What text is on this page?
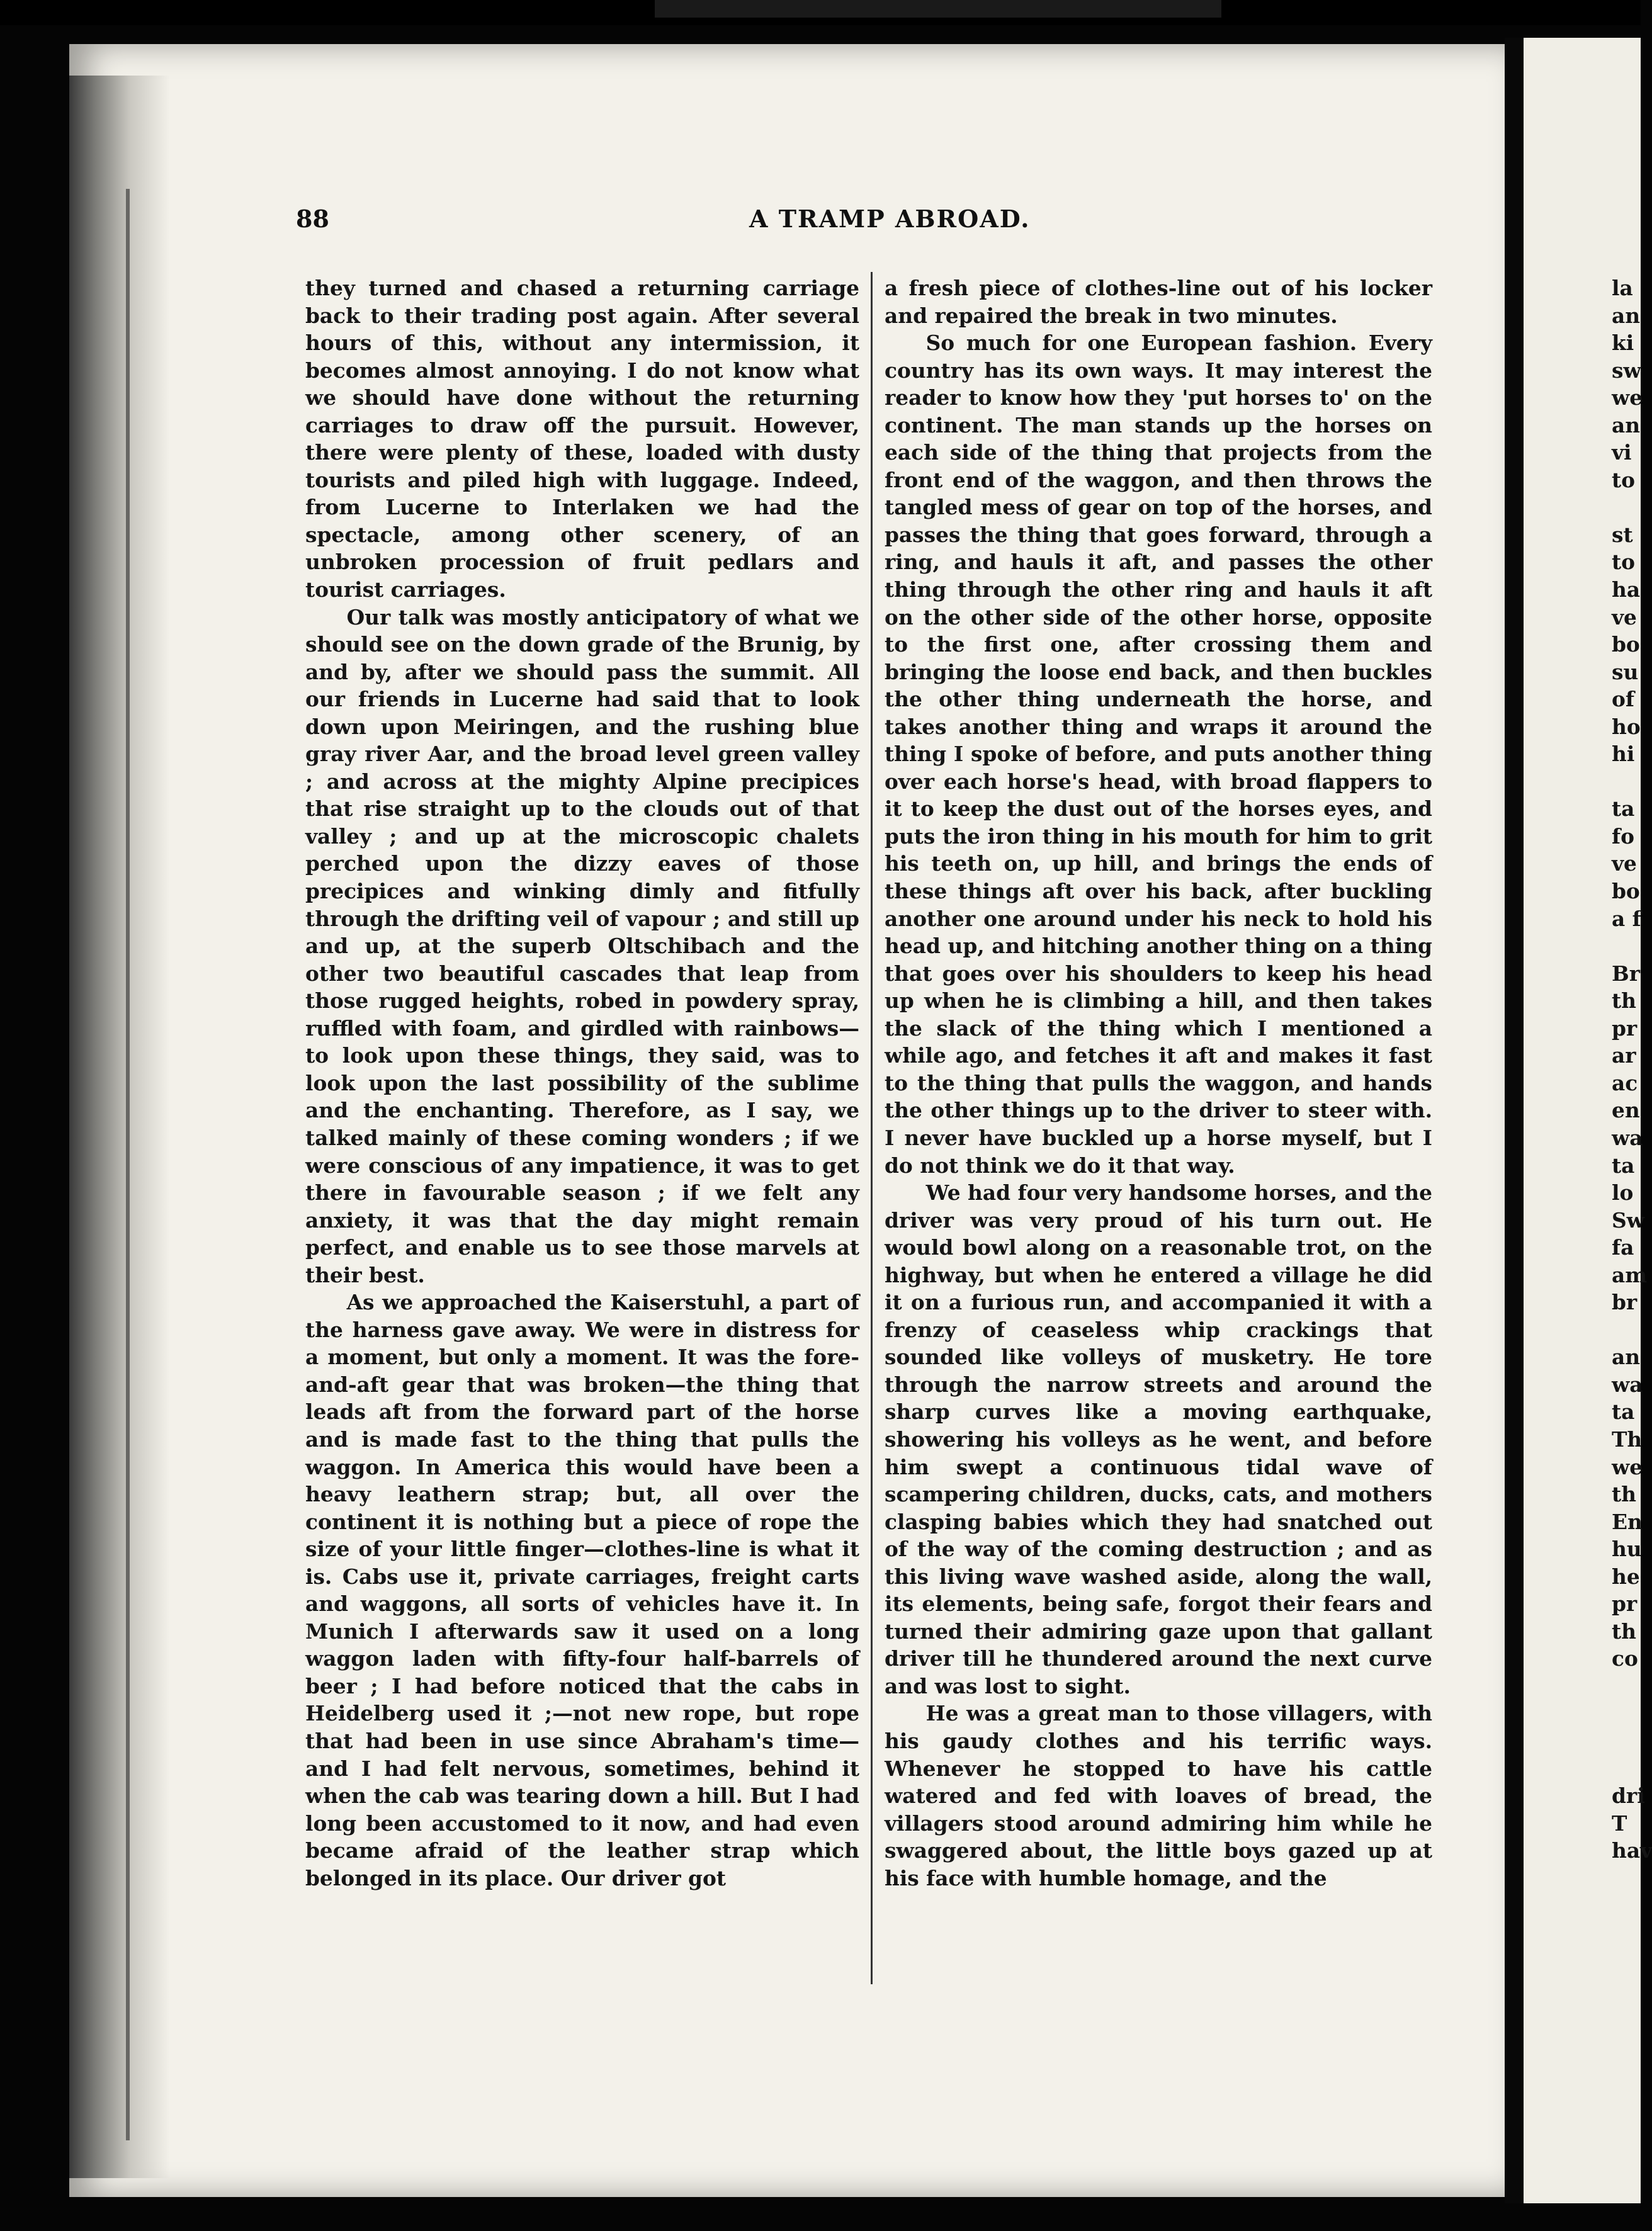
88	A TRAMP ABROAD.

they turned and chased a returning carriage back to their trading post again. After several hours of this, without any intermission, it becomes almost annoying. I do not know what we should have done without the returning carriages to draw off the pursuit. However, there were plenty of these, loaded with dusty tourists and piled high with luggage. Indeed, from Lucerne to Interlaken we had the spectacle, among other scenery, of an unbroken procession of fruit pedlars and tourist carriages.

Our talk was mostly anticipatory of what we should see on the down grade of the Brunig, by and by, after we should pass the summit. All our friends in Lucerne had said that to look down upon Meiringen, and the rushing blue gray river Aar, and the broad level green valley ; and across at the mighty Alpine precipices that rise straight up to the clouds out of that valley ; and up at the microscopic chalets perched upon the dizzy eaves of those precipices and winking dimly and fitfully through the drifting veil of vapour ; and still up and up, at the superb Oltschibach and the other two beautiful cascades that leap from those rugged heights, robed in powdery spray, ruffled with foam, and girdled with rainbows—to look upon these things, they said, was to look upon the last possibility of the sublime and the enchanting. Therefore, as I say, we talked mainly of these coming wonders ; if we were conscious of any impatience, it was to get there in favourable season ; if we felt any anxiety, it was that the day might remain perfect, and enable us to see those marvels at their best.

As we approached the Kaiserstuhl, a part of the harness gave away. We were in distress for a moment, but only a moment. It was the fore-and-aft gear that was broken—the thing that leads aft from the forward part of the horse and is made fast to the thing that pulls the waggon. In America this would have been a heavy leathern strap; but, all over the continent it is nothing but a piece of rope the size of your little finger—clothes-line is what it is. Cabs use it, private carriages, freight carts and waggons, all sorts of vehicles have it. In Munich I afterwards saw it used on a long waggon laden with fifty-four half-barrels of beer ; I had before noticed that the cabs in Heidelberg used it ;—not new rope, but rope that had been in use since Abraham's time—and I had felt nervous, sometimes, behind it when the cab was tearing down a hill. But I had long been accustomed to it now, and had even became afraid of the leather strap which belonged in its place. Our driver got

a fresh piece of clothes-line out of his locker and repaired the break in two minutes.

So much for one European fashion. Every country has its own ways. It may interest the reader to know how they 'put horses to' on the continent. The man stands up the horses on each side of the thing that projects from the front end of the waggon, and then throws the tangled mess of gear on top of the horses, and passes the thing that goes forward, through a ring, and hauls it aft, and passes the other thing through the other ring and hauls it aft on the other side of the other horse, opposite to the first one, after crossing them and bringing the loose end back, and then buckles the other thing underneath the horse, and takes another thing and wraps it around the thing I spoke of before, and puts another thing over each horse's head, with broad flappers to it to keep the dust out of the horses eyes, and puts the iron thing in his mouth for him to grit his teeth on, up hill, and brings the ends of these things aft over his back, after buckling another one around under his neck to hold his head up, and hitching another thing on a thing that goes over his shoulders to keep his head up when he is climbing a hill, and then takes the slack of the thing which I mentioned a while ago, and fetches it aft and makes it fast to the thing that pulls the waggon, and hands the other things up to the driver to steer with. I never have buckled up a horse myself, but I do not think we do it that way.

We had four very handsome horses, and the driver was very proud of his turn out. He would bowl along on a reasonable trot, on the highway, but when he entered a village he did it on a furious run, and accompanied it with a frenzy of ceaseless whip crackings that sounded like volleys of musketry. He tore through the narrow streets and around the sharp curves like a moving earthquake, showering his volleys as he went, and before him swept a continuous tidal wave of scampering children, ducks, cats, and mothers clasping babies which they had snatched out of the way of the coming destruction ; and as this living wave washed aside, along the wall, its elements, being safe, forgot their fears and turned their admiring gaze upon that gallant driver till he thundered around the next curve and was lost to sight.

He was a great man to those villagers, with his gaudy clothes and his terrific ways. Whenever he stopped to have his cattle watered and fed with loaves of bread, the villagers stood around admiring him while he swaggered about, the little boys gazed up at his face with humble homage, and the

la
an
ki
sw
we
an
vi
to
st
to
ha
ve
bo
su
of
ho
hi
ta
fo
ve
bo
a f
Br
th
pr
ar
ac
en
wa
ta
lo
Sw
fa
am
br
an
wa
ta
Th
we
th
En
hu
he
pr
th
co
dri
T
hav
